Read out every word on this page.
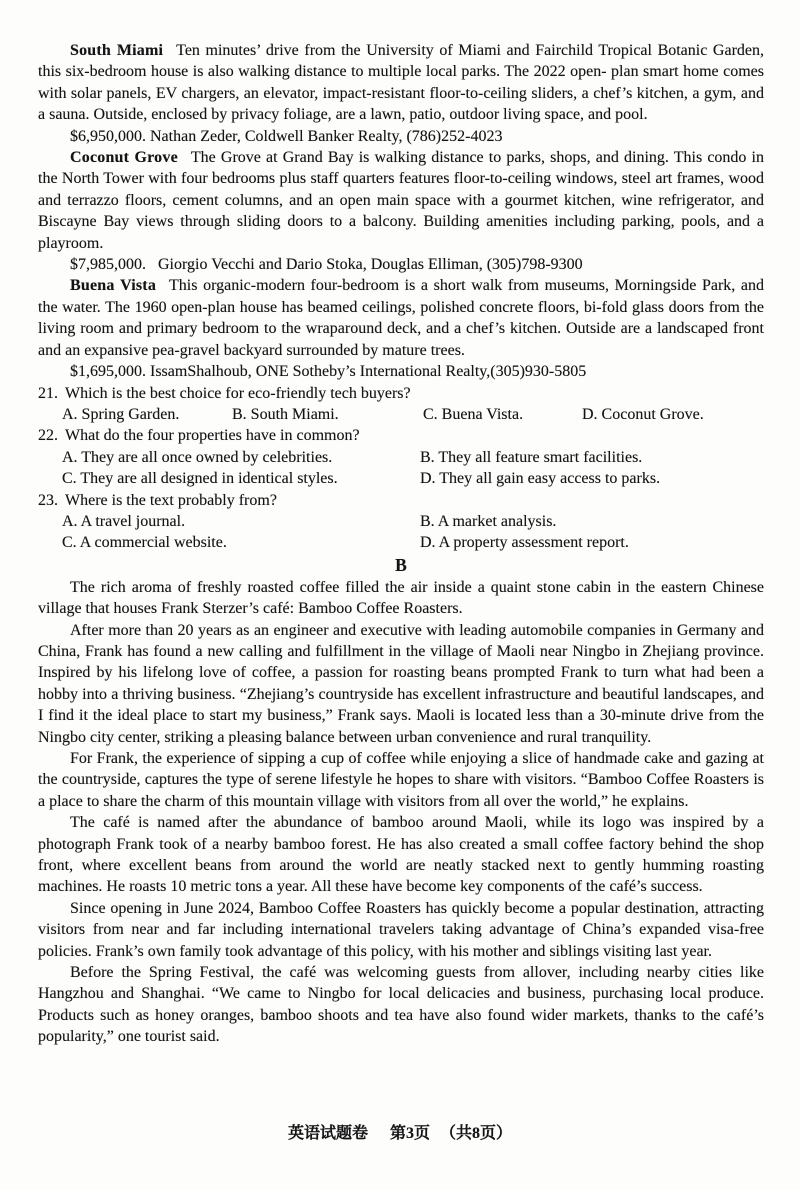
South Miami Ten minutes’ drive from the University of Miami and Fairchild Tropical Botanic Garden, this six-bedroom house is also walking distance to multiple local parks. The 2022 open- plan smart home comes with solar panels, EV chargers, an elevator, impact-resistant floor-to-ceiling sliders, a chef’s kitchen, a gym, and a sauna. Outside, enclosed by privacy foliage, are a lawn, patio, outdoor living space, and pool.

$6,950,000. Nathan Zeder, Coldwell Banker Realty, (786)252-4023

Coconut Grove The Grove at Grand Bay is walking distance to parks, shops, and dining. This condo in the North Tower with four bedrooms plus staff quarters features floor-to-ceiling windows, steel art frames, wood and terrazzo floors, cement columns, and an open main space with a gourmet kitchen, wine refrigerator, and Biscayne Bay views through sliding doors to a balcony. Building amenities including parking, pools, and a playroom.

$7,985,000.   Giorgio Vecchi and Dario Stoka, Douglas Elliman, (305)798-9300

Buena Vista This organic-modern four-bedroom is a short walk from museums, Morningside Park, and the water. The 1960 open-plan house has beamed ceilings, polished concrete floors, bi-fold glass doors from the living room and primary bedroom to the wraparound deck, and a chef’s kitchen. Outside are a landscaped front and an expansive pea-gravel backyard surrounded by mature trees.

$1,695,000. IssamShalhoub, ONE Sotheby’s International Realty,(305)930-5805

21. Which is the best choice for eco-friendly tech buyers?

A. Spring Garden.	B. South Miami.	C. Buena Vista.	D. Coconut Grove.

22. What do the four properties have in common?

A. They are all once owned by celebrities.	B. They all feature smart facilities.
C. They are all designed in identical styles.	D. They all gain easy access to parks.

23. Where is the text probably from?

A. A travel journal.	B. A market analysis.
C. A commercial website.	D. A property assessment report.
B

The rich aroma of freshly roasted coffee filled the air inside a quaint stone cabin in the eastern Chinese village that houses Frank Sterzer’s café: Bamboo Coffee Roasters.

After more than 20 years as an engineer and executive with leading automobile companies in Germany and China, Frank has found a new calling and fulfillment in the village of Maoli near Ningbo in Zhejiang province. Inspired by his lifelong love of coffee, a passion for roasting beans prompted Frank to turn what had been a hobby into a thriving business. “Zhejiang’s countryside has excellent infrastructure and beautiful landscapes, and I find it the ideal place to start my business,” Frank says. Maoli is located less than a 30-minute drive from the Ningbo city center, striking a pleasing balance between urban convenience and rural tranquility.

For Frank, the experience of sipping a cup of coffee while enjoying a slice of handmade cake and gazing at the countryside, captures the type of serene lifestyle he hopes to share with visitors. “Bamboo Coffee Roasters is a place to share the charm of this mountain village with visitors from all over the world,” he explains.

The café is named after the abundance of bamboo around Maoli, while its logo was inspired by a photograph Frank took of a nearby bamboo forest. He has also created a small coffee factory behind the shop front, where excellent beans from around the world are neatly stacked next to gently humming roasting machines. He roasts 10 metric tons a year. All these have become key components of the café’s success.

Since opening in June 2024, Bamboo Coffee Roasters has quickly become a popular destination, attracting visitors from near and far including international travelers taking advantage of China’s expanded visa-free policies. Frank’s own family took advantage of this policy, with his mother and siblings visiting last year.

Before the Spring Festival, the café was welcoming guests from allover, including nearby cities like Hangzhou and Shanghai. “We came to Ningbo for local delicacies and business, purchasing local produce. Products such as honey oranges, bamboo shoots and tea have also found wider markets, thanks to the café’s popularity,” one tourist said.

英语试题卷 第3页 （共8页）
